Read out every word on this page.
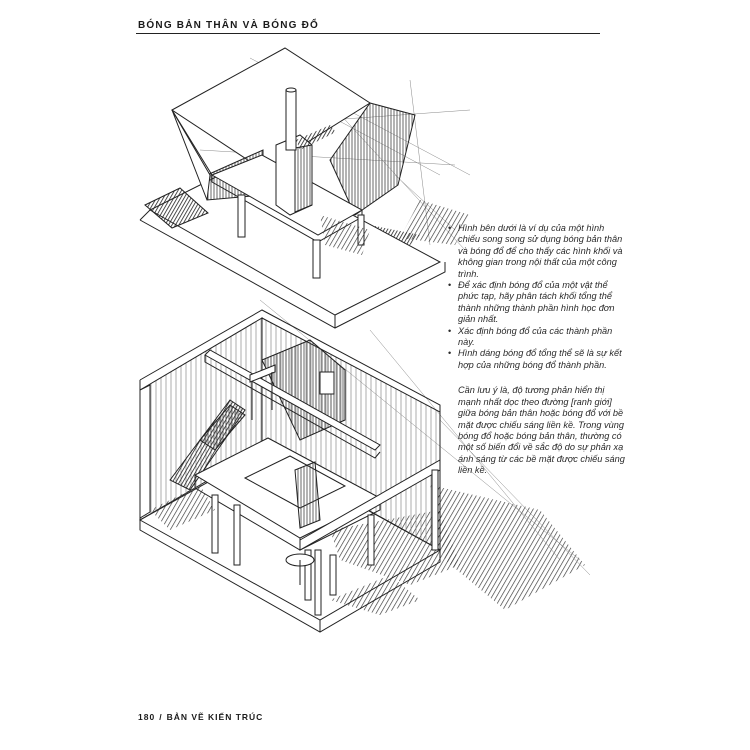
BÓNG BẢN THÂN VÀ BÓNG ĐỔ
• Hình bên dưới là ví dụ của một hình chiếu song song sử dụng bóng bản thân và bóng đổ để cho thấy các hình khối và không gian trong nội thất của một công trình.
• Để xác định bóng đổ của một vật thể phức tạp, hãy phân tách khối tổng thể thành những thành phần hình học đơn giản nhất.
• Xác định bóng đổ của các thành phần này.
• Hình dáng bóng đổ tổng thể sẽ là sự kết hợp của những bóng đổ thành phần.
Cần lưu ý là, độ tương phản hiển thị mạnh nhất dọc theo đường [ranh giới] giữa bóng bản thân hoặc bóng đổ với bề mặt được chiếu sáng liền kề. Trong vùng bóng đổ hoặc bóng bản thân, thường có một số biến đổi về sắc độ do sự phản xạ ánh sáng từ các bề mặt được chiếu sáng liền kề.
180 / BẢN VẼ KIẾN TRÚC
